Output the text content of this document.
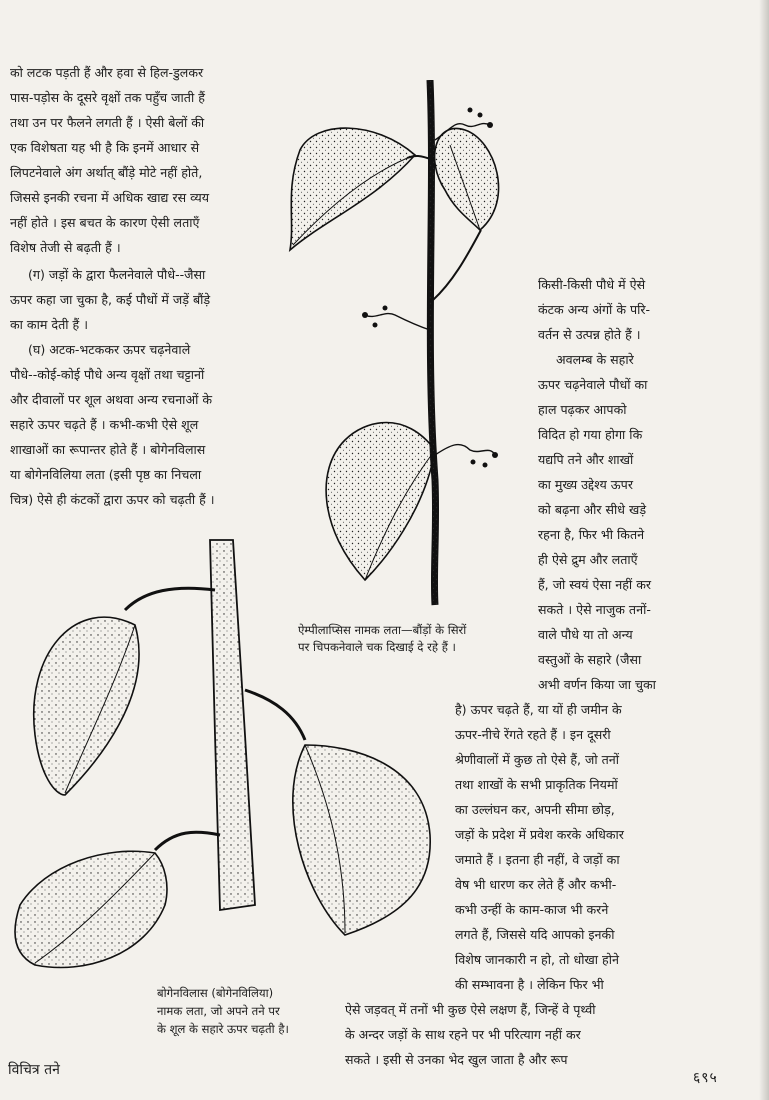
को लटक पड़ती हैं और हवा से हिल-डुलकर
पास-पड़ोस के दूसरे वृक्षों तक पहुँच जाती हैं
तथा उन पर फैलने लगती हैं । ऐसी बेलों की
एक विशेषता यह भी है कि इनमें आधार से
लिपटनेवाले अंग अर्थात् बौंड़े मोटे नहीं होते,
जिससे इनकी रचना में अधिक खाद्य रस व्यय
नहीं होते । इस बचत के कारण ऐसी लताएँ
विशेष तेजी से बढ़ती हैं ।
(ग) जड़ों के द्वारा फैलनेवाले पौधे--जैसा
ऊपर कहा जा चुका है, कई पौधों में जड़ें बौंड़े
का काम देती हैं ।
(घ) अटक-भटककर ऊपर चढ़नेवाले
पौधे--कोई-कोई पौधे अन्य वृक्षों तथा चट्टानों
और दीवालों पर शूल अथवा अन्य रचनाओं के
सहारे ऊपर चढ़ते हैं । कभी-कभी ऐसे शूल
शाखाओं का रूपान्तर होते हैं । बोगेनविलास
या बोगेनविलिया लता (इसी पृष्ठ का निचला
चित्र) ऐसे ही कंटकों द्वारा ऊपर को चढ़ती हैं ।
किसी-किसी पौधे में ऐसे
कंटक अन्य अंगों के परि-
वर्तन से उत्पन्न होते हैं ।
अवलम्ब के सहारे
ऊपर चढ़नेवाले पौधों का
हाल पढ़कर आपको
विदित हो गया होगा कि
यद्यपि तने और शाखों
का मुख्य उद्देश्य ऊपर
को बढ़ना और सीधे खड़े
रहना है, फिर भी कितने
ही ऐसे द्रुम और लताएँ
हैं, जो स्वयं ऐसा नहीं कर
सकते । ऐसे नाजुक तनों-
वाले पौधे या तो अन्य
वस्तुओं के सहारे (जैसा
अभी वर्णन किया जा चुका
है) ऊपर चढ़ते हैं, या यों ही जमीन के
ऊपर-नीचे रेंगते रहते हैं । इन दूसरी
श्रेणीवालों में कुछ तो ऐसे हैं, जो तनों
तथा शाखों के सभी प्राकृतिक नियमों
का उल्लंघन कर, अपनी सीमा छोड़,
जड़ों के प्रदेश में प्रवेश करके अधिकार
जमाते हैं । इतना ही नहीं, वे जड़ों का
वेष भी धारण कर लेते हैं और कभी-
कभी उन्हीं के काम-काज भी करने
लगते हैं, जिससे यदि आपको इनकी
विशेष जानकारी न हो, तो धोखा होने
की सम्भावना है । लेकिन फिर भी
ऐसे जड़वत् में तनों भी कुछ ऐसे लक्षण हैं, जिन्हें वे पृथ्वी
के अन्दर जड़ों के साथ रहने पर भी परित्याग नहीं कर
सकते । इसी से उनका भेद खुल जाता है और रूप
ऐम्पीलाप्सिस नामक लता—बौंड़ों के सिरों
पर चिपकनेवाले चक दिखाई दे रहे हैं ।
बोगेनविलास (बोगेनविलिया)
नामक लता, जो अपने तने पर
के शूल के सहारे ऊपर चढ़ती है।
विचित्र तने	६९५
